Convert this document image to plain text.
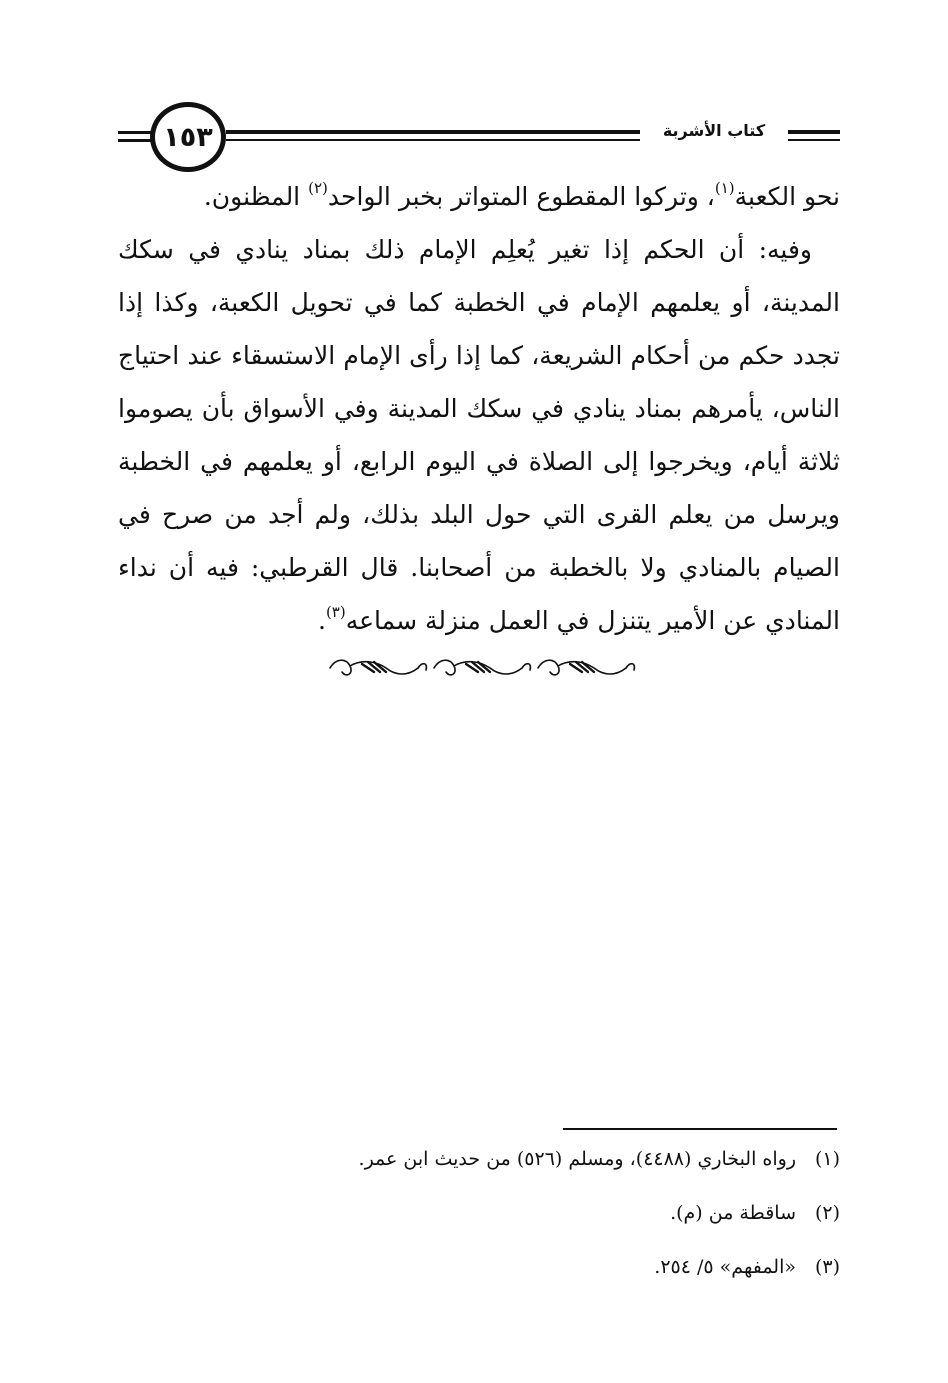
١٥٣	كتاب الأشربة

نحو الكعبة$^{(١)}$، وتركوا المقطوع المتواتر بخبر الواحد$^{(٢)}$ المظنون.

وفيه: أن الحكم إذا تغير يُعلِم الإمام ذلك بمناد ينادي في سكك المدينة، أو يعلمهم الإمام في الخطبة كما في تحويل الكعبة، وكذا إذا تجدد حكم من أحكام الشريعة، كما إذا رأى الإمام الاستسقاء عند احتياج الناس، يأمرهم بمناد ينادي في سكك المدينة وفي الأسواق بأن يصوموا ثلاثة أيام، ويخرجوا إلى الصلاة في اليوم الرابع، أو يعلمهم في الخطبة ويرسل من يعلم القرى التي حول البلد بذلك، ولم أجد من صرح في الصيام بالمنادي ولا بالخطبة من أصحابنا. قال القرطبي: فيه أن نداء المنادي عن الأمير يتنزل في العمل منزلة سماعه$^{(٣)}$.

(١)
رواه البخاري (٤٤٨٨)، ومسلم (٥٢٦) من حديث ابن عمر.
(٢)
ساقطة من (م).
(٣)
«المفهم» ٥/ ٢٥٤.
